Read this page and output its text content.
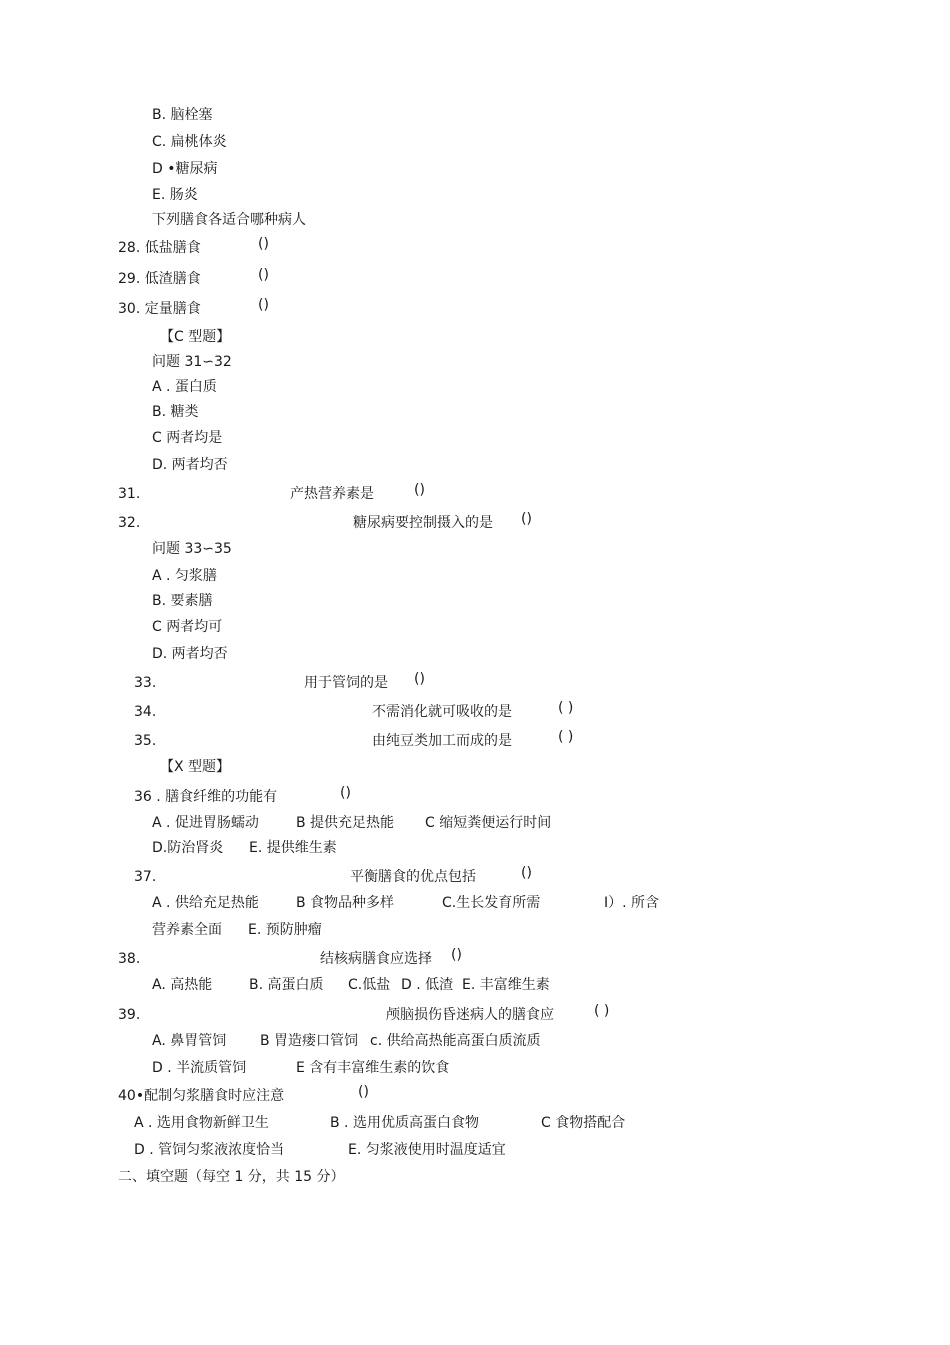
B. 脑栓塞
C. 扁桃体炎
D •糖尿病
E. 肠炎
下列膳食各适合哪种病人
28. 低盐膳食	()
29. 低渣膳食	()
30. 定量膳食	()
【C 型题】
问题 31∽32
A . 蛋白质
B. 糖类
C 两者均是
D. 两者均否
31.	产热营养素是	()
32.	糖尿病要控制摄入的是 ()
问题 33∽35
A . 匀浆膳
B. 要素膳
C 两者均可
D. 两者均否
33.	用于管饲的是 ()
34.	不需消化就可吸收的是	( )
35.	由纯豆类加工而成的是	( )
【X 型题】
36 . 膳食纤维的功能有	()
A . 促进胃肠蠕动	B 提供充足热能 C 缩短粪便运行时间
D.防治肾炎 E. 提供维生素
37.	平衡膳食的优点包括	()
A . 供给充足热能	B 食物品种多样	C.生长发育所需	I）. 所含
营养素全面 E. 预防肿瘤
38.	结核病膳食应选择 ()
A. 高热能	B. 高蛋白质 C.低盐 D . 低渣 E. 丰富维生素
39.	颅脑损伤昏迷病人的膳食应	( )
A. 鼻胃管饲 B 胃造瘘口管饲 c. 供给高热能高蛋白质流质
D . 半流质管饲	E 含有丰富维生素的饮食
40•配制匀浆膳食时应注意	()
A . 选用食物新鲜卫生	B . 选用优质高蛋白食物	C 食物搭配合
D . 管饲匀浆液浓度恰当	E. 匀浆液使用时温度适宜
二、填空题（每空 1 分，共 15 分）
